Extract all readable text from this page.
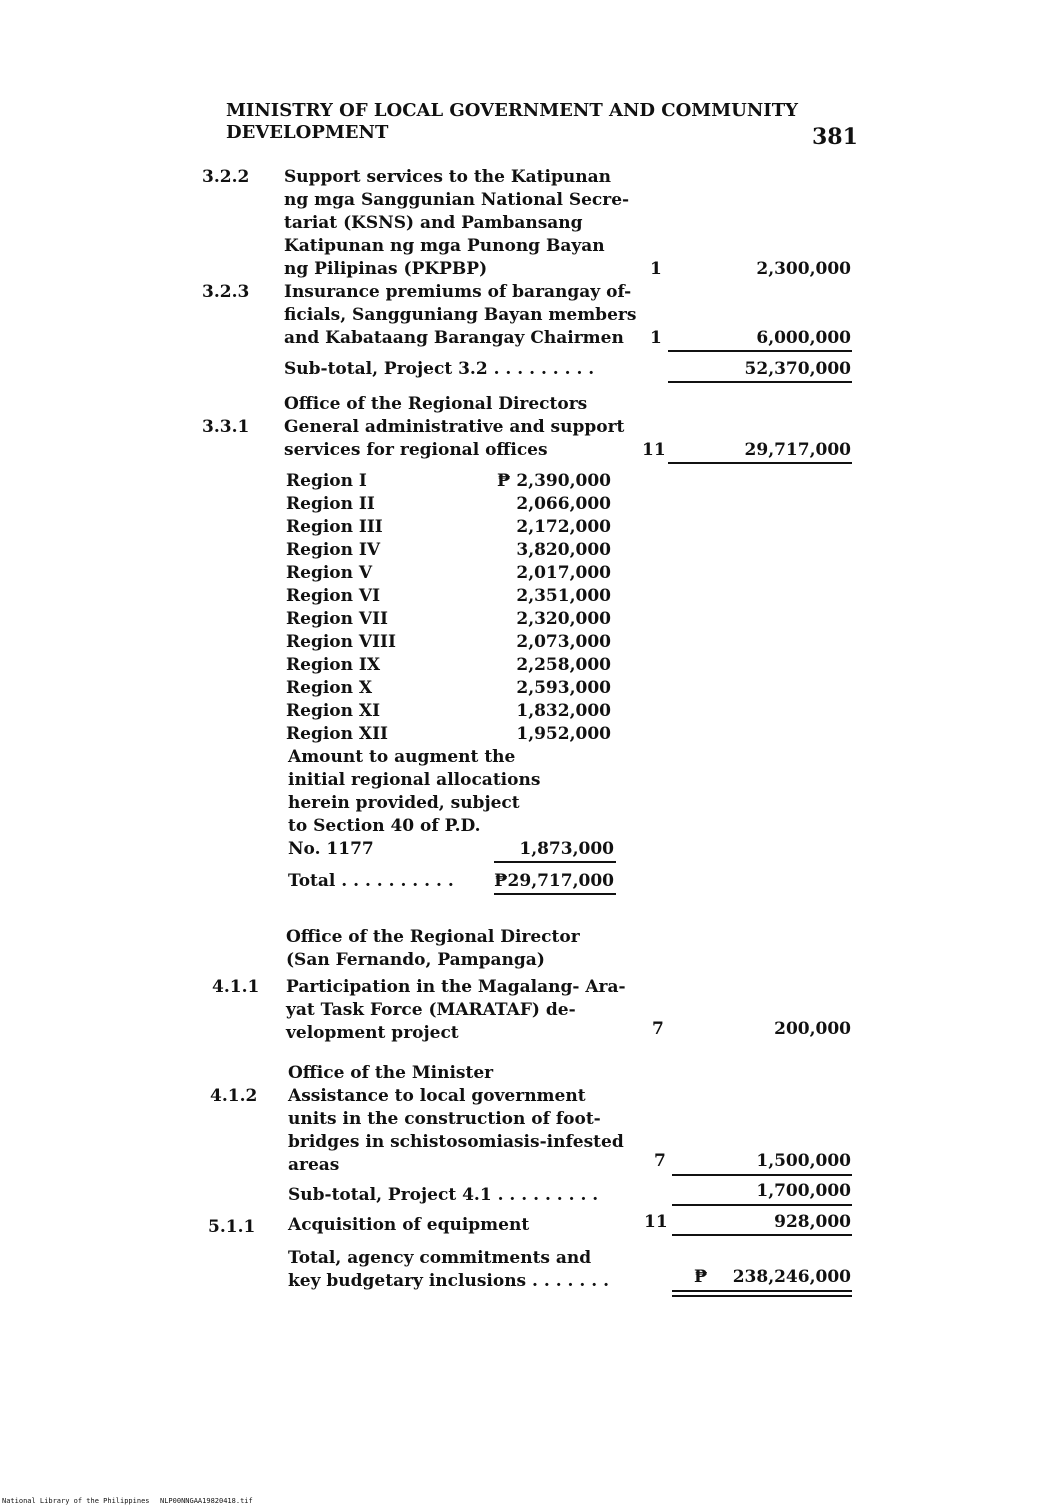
MINISTRY OF LOCAL GOVERNMENT AND COMMUNITY
DEVELOPMENT	381
3.2.2 Support services to the Katipunan
ng mga Sanggunian National Secre-
tariat (KSNS) and Pambansang
Katipunan ng mga Punong Bayan
ng Pilipinas (PKPBP)	1	2,300,000
3.2.3 Insurance premiums of barangay of-
ficials, Sangguniang Bayan members
and Kabataang Barangay Chairmen 1	6,000,000
Sub-total, Project 3.2 . . . . . . . . .	52,370,000
Office of the Regional Directors
3.3.1 General administrative and support
services for regional offices	11	29,717,000
Region I	₱ 2,390,000
Region II	2,066,000
Region III	2,172,000
Region IV	3,820,000
Region V	2,017,000
Region VI	2,351,000
Region VII	2,320,000
Region VIII	2,073,000
Region IX	2,258,000
Region X	2,593,000
Region XI	1,832,000
Region XII	1,952,000
Amount to augment the
initial regional allocations
herein provided, subject
to Section 40 of P.D.
No. 1177	1,873,000
Total . . . . . . . . . .	₱29,717,000
Office of the Regional Director
(San Fernando, Pampanga)
4.1.1 Participation in the Magalang- Ara-
yat Task Force (MARATAF) de-
velopment project	7	200,000
Office of the Minister
4.1.2 Assistance to local government
units in the construction of foot-
bridges in schistosomiasis-infested
areas	7	1,500,000
Sub-total, Project 4.1 . . . . . . . . .	1,700,000
5.1.1 Acquisition of equipment	11	928,000
Total, agency commitments and
key budgetary inclusions . . . . . . .	₱	238,246,000
National Library of the Philippines NLP00NNGAA19820418.tif
